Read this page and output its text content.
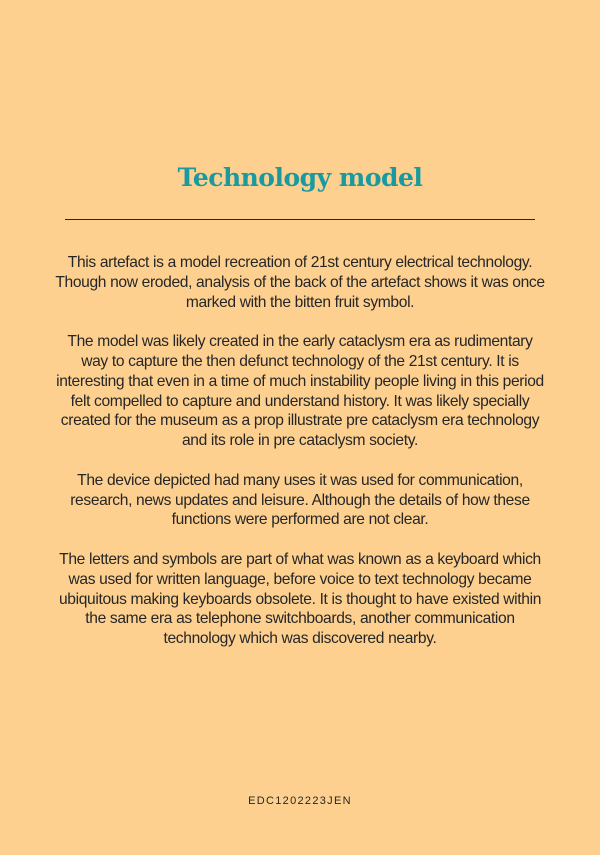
Technology model

This artefact is a model recreation of 21st century electrical technology. Though now eroded, analysis of the back of the artefact shows it was once marked with the bitten fruit symbol.

The model was likely created in the early cataclysm era as rudimentary way to capture the then defunct technology of the 21st century. It is interesting that even in a time of much instability people living in this period felt compelled to capture and understand history. It was likely specially created for the museum as a prop illustrate pre cataclysm era technology and its role in pre cataclysm society.

The device depicted had many uses it was used for communication, research, news updates and leisure. Although the details of how these functions were performed are not clear.

The letters and symbols are part of what was known as a keyboard which was used for written language, before voice to text technology became ubiquitous making keyboards obsolete. It is thought to have existed within the same era as telephone switchboards, another communication technology which was discovered nearby.

EDC1202223JEN
